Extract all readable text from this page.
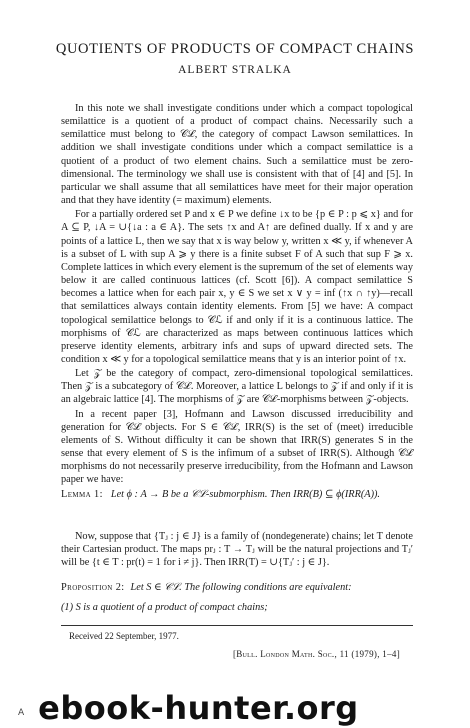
QUOTIENTS OF PRODUCTS OF COMPACT CHAINS
ALBERT STRALKA

In this note we shall investigate conditions under which a compact topological semilattice is a quotient of a product of compact chains. Necessarily such a semilattice must belong to 𝒞ℒ, the category of compact Lawson semilattices. In addition we shall investigate conditions under which a compact semilattice is a quotient of a product of two element chains. Such a semilattice must be zero-dimensional. The terminology we shall use is consistent with that of [4] and [5]. In particular we shall assume that all semilattices have meet for their major operation and that they have identity (= maximum) elements.

For a partially ordered set P and x ∈ P we define ↓x to be {p ∈ P : p ⩽ x} and for A ⊆ P, ↓A = ∪{↓a : a ∈ A}. The sets ↑x and A↑ are defined dually. If x and y are points of a lattice L, then we say that x is way below y, written x ≪ y, if whenever A is a subset of L with sup A ⩾ y there is a finite subset F of A such that sup F ⩾ x. Complete lattices in which every element is the supremum of the set of elements way below it are called continuous lattices (cf. Scott [6]). A compact semilattice S becomes a lattice when for each pair x, y ∈ S we set x ∨ y = inf (↑x ∩ ↑y)—recall that semilattices always contain identity elements. From [5] we have: A compact topological semilattice belongs to 𝒞ℒ if and only if it is a continuous lattice. The morphisms of 𝒞ℒ are characterized as maps between continuous lattices which preserve identity elements, arbitrary infs and sups of upward directed sets. The condition x ≪ y for a topological semilattice means that y is an interior point of ↑x.

Let 𝒵 be the category of compact, zero-dimensional topological semilattices. Then 𝒵 is a subcategory of 𝒞ℒ. Moreover, a lattice L belongs to 𝒵 if and only if it is an algebraic lattice [4]. The morphisms of 𝒵 are 𝒞ℒ-morphisms between 𝒵-objects.

In a recent paper [3], Hofmann and Lawson discussed irreducibility and generation for 𝒞ℒ objects. For S ∈ 𝒞ℒ, IRR(S) is the set of (meet) irreducible elements of S. Without difficulty it can be shown that IRR(S) generates S in the sense that every element of S is the infimum of a subset of IRR(S). Although 𝒞ℒ morphisms do not necessarily preserve irreducibility, from the Hofmann and Lawson paper we have:

Lemma 1: Let ϕ : A → B be a 𝒞ℒ-submorphism. Then IRR(B) ⊆ ϕ(IRR(A)).

Now, suppose that {Tⱼ : j ∈ J} is a family of (nondegenerate) chains; let T denote their Cartesian product. The maps prⱼ : T → Tⱼ will be the natural projections and Tⱼ′ will be {t ∈ T : pr(t) = 1 for i ≠ j}. Then IRR(T) = ∪{Tⱼ′ : j ∈ J}.

Proposition 2: Let S ∈ 𝒞ℒ. The following conditions are equivalent:
(1) S is a quotient of a product of compact chains;
Received 22 September, 1977.
[Bull. London Math. Soc., 11 (1979), 1–4]
A ebook-hunter.org
